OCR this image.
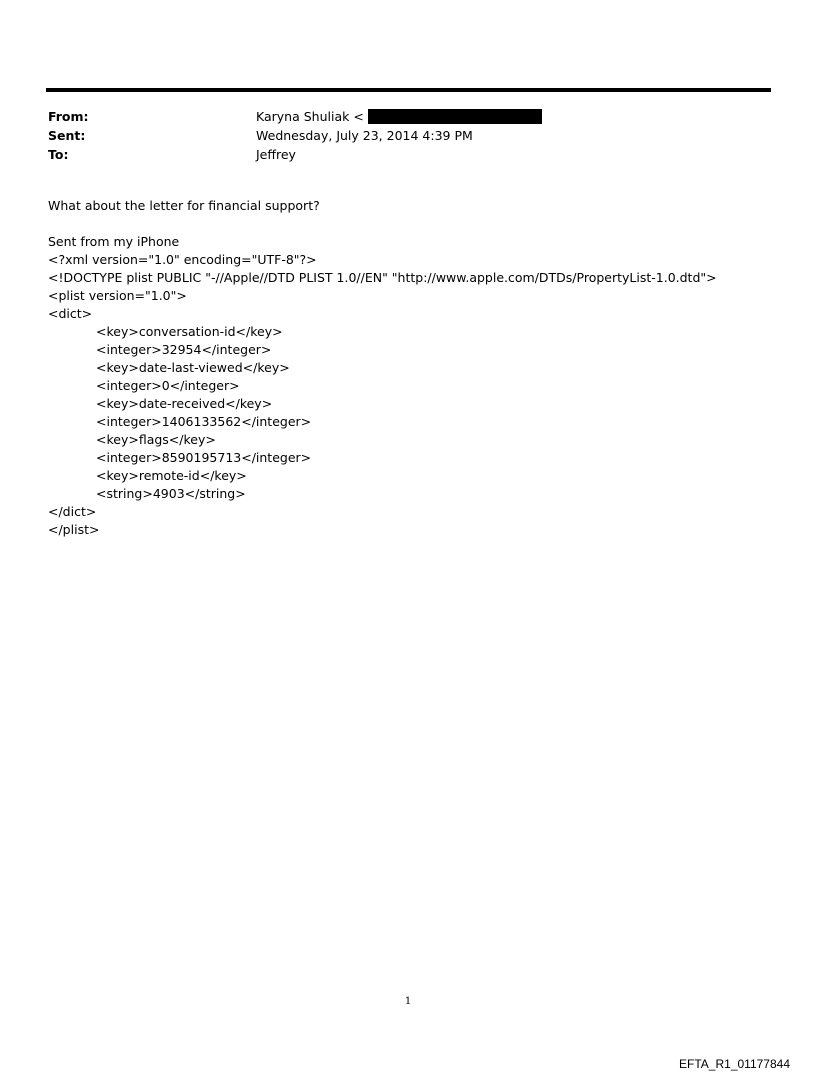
From:	Karyna Shuliak <
Sent:	Wednesday, July 23, 2014 4:39 PM
To:	Jeffrey
What about the letter for financial support?
Sent from my iPhone
<?xml version="1.0" encoding="UTF-8"?>
<!DOCTYPE plist PUBLIC "-//Apple//DTD PLIST 1.0//EN" "http://www.apple.com/DTDs/PropertyList-1.0.dtd">
<plist version="1.0">
<dict>
<key>conversation-id</key>
<integer>32954</integer>
<key>date-last-viewed</key>
<integer>0</integer>
<key>date-received</key>
<integer>1406133562</integer>
<key>flags</key>
<integer>8590195713</integer>
<key>remote-id</key>
<string>4903</string>
</dict>
</plist>
1
EFTA_R1_01177844
